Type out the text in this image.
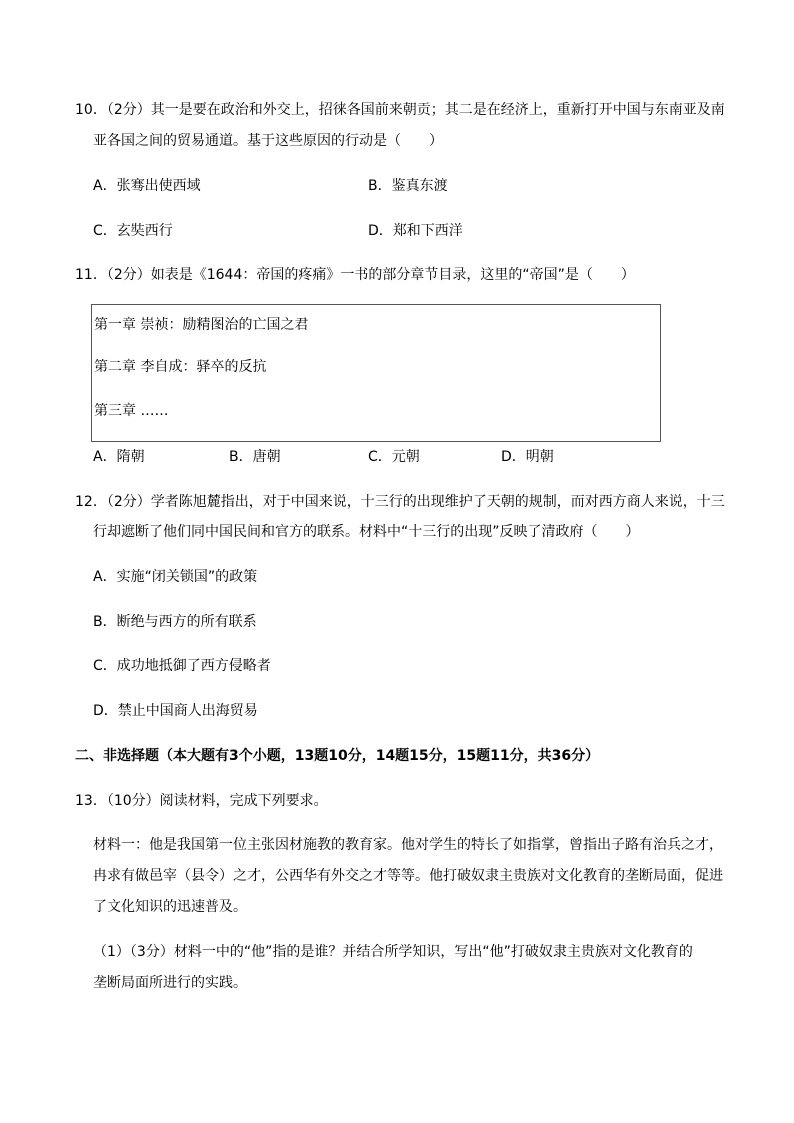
10．（2分）其一是要在政治和外交上，招徕各国前来朝贡；其二是在经济上，重新打开中国与东南亚及南
亚各国之间的贸易通道。基于这些原因的行动是（　　）
A．张骞出使西域	B．鉴真东渡
C．玄奘西行	D．郑和下西洋
11．（2分）如表是《1644：帝国的疼痛》一书的部分章节目录，这里的“帝国”是（　　）
第一章 崇祯：励精图治的亡国之君
第二章 李自成：驿卒的反抗
第三章 ……
A．隋朝	B．唐朝	C．元朝	D．明朝
12．（2分）学者陈旭麓指出，对于中国来说，十三行的出现维护了天朝的规制，而对西方商人来说，十三
行却遮断了他们同中国民间和官方的联系。材料中“十三行的出现”反映了清政府（　　）
A．实施“闭关锁国”的政策
B．断绝与西方的所有联系
C．成功地抵御了西方侵略者
D．禁止中国商人出海贸易
二、非选择题（本大题有3个小题，13题10分，14题15分，15题11分，共36分）
13．（10分）阅读材料，完成下列要求。
材料一：他是我国第一位主张因材施教的教育家。他对学生的特长了如指掌，曾指出子路有治兵之才，
冉求有做邑宰（县令）之才，公西华有外交之才等等。他打破奴隶主贵族对文化教育的垄断局面，促进
了文化知识的迅速普及。
（1）（3分）材料一中的“他”指的是谁？并结合所学知识，写出“他”打破奴隶主贵族对文化教育的
垄断局面所进行的实践。
